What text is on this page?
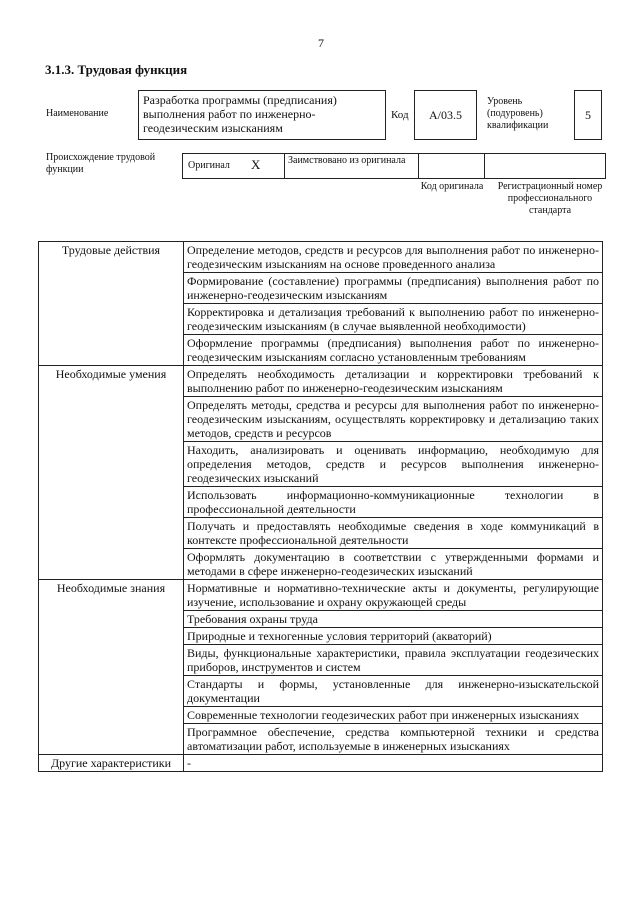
7
3.1.3. Трудовая функция
Наименование
Разработка программы (предписания) выполнения работ по инженерно-геодезическим изысканиям
Код	А/03.5
Уровень (подуровень) квалификации
5
Происхождение трудовой функции	Оригинал X	Заимствовано из оригинала
Код оригинала Регистрационный номер профессионального стандарта
Трудовые действия	Определение методов, средств и ресурсов для выполнения работ по инженерно-геодезическим изысканиям на основе проведенного анализа
	Формирование (составление) программы (предписания) выполнения работ по инженерно-геодезическим изысканиям
	Корректировка и детализация требований к выполнению работ по инженерно-геодезическим изысканиям (в случае выявленной необходимости)
	Оформление программы (предписания) выполнения работ по инженерно-геодезическим изысканиям согласно установленным требованиям
Необходимые умения	Определять необходимость детализации и корректировки требований к выполнению работ по инженерно-геодезическим изысканиям
	Определять методы, средства и ресурсы для выполнения работ по инженерно-геодезическим изысканиям, осуществлять корректировку и детализацию таких методов, средств и ресурсов
	Находить, анализировать и оценивать информацию, необходимую для определения методов, средств и ресурсов выполнения инженерно-геодезических изысканий
	Использовать информационно-коммуникационные технологии в профессиональной деятельности
	Получать и предоставлять необходимые сведения в ходе коммуникаций в контексте профессиональной деятельности
	Оформлять документацию в соответствии с утвержденными формами и методами в сфере инженерно-геодезических изысканий
Необходимые знания	Нормативные и нормативно-технические акты и документы, регулирующие изучение, использование и охрану окружающей среды
	Требования охраны труда
	Природные и техногенные условия территорий (акваторий)
	Виды, функциональные характеристики, правила эксплуатации геодезических приборов, инструментов и систем
	Стандарты и формы, установленные для инженерно-изыскательской документации
	Современные технологии геодезических работ при инженерных изысканиях
	Программное обеспечение, средства компьютерной техники и средства автоматизации работ, используемые в инженерных изысканиях
Другие характеристики	-
